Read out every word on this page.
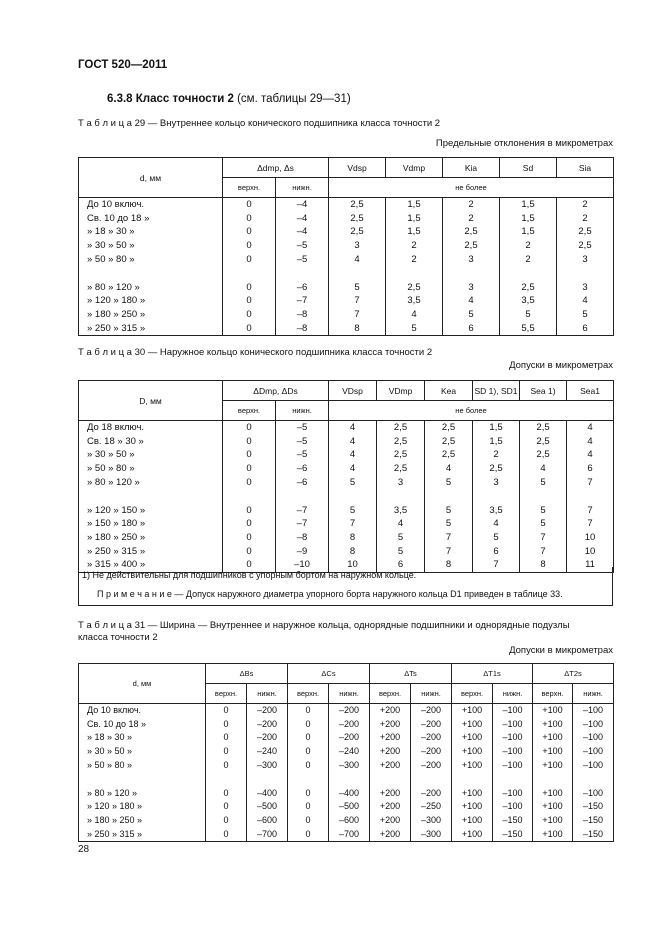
ГОСТ 520—2011
6.3.8 Класс точности 2 (см. таблицы 29—31)
Т а б л и ц а 29 — Внутреннее кольцо конического подшипника класса точности 2
Предельные отклонения в микрометрах
d, мм	Δdmp, Δs		Vdsp	Vdmp	Kia	Sd	Sia
	верхн.	нижн.	не более				
До 10 включ.	0	–4	2,5	1,5	2	1,5	2
Св. 10 до 18 »	0	–4	2,5	1,5	2	1,5	2
» 18 » 30 »	0	–4	2,5	1,5	2,5	1,5	2,5
» 30 » 50 »	0	–5	3	2	2,5	2	2,5
» 50 » 80 »	0	–5	4	2	3	2	3

» 80 » 120 »	0	–6	5	2,5	3	2,5	3
» 120 » 180 »	0	–7	7	3,5	4	3,5	4
» 180 » 250 »	0	–8	7	4	5	5	5
» 250 » 315 »	0	–8	8	5	6	5,5	6
Т а б л и ц а 30 — Наружное кольцо конического подшипника класса точности 2
Допуски в микрометрах
D, мм	ΔDmp, ΔDs		VDsp	VDmp	Kea	SD 1), SD1	Sea 1)	Sea1
	верхн.	нижн.	не более					
До 18 включ.	0	–5	4	2,5	2,5	1,5	2,5	4
Св. 18 » 30 »	0	–5	4	2,5	2,5	1,5	2,5	4
» 30 » 50 »	0	–5	4	2,5	2,5	2	2,5	4
» 50 » 80 »	0	–6	4	2,5	4	2,5	4	6
» 80 » 120 »	0	–6	5	3	5	3	5	7

» 120 » 150 »	0	–7	5	3,5	5	3,5	5	7
» 150 » 180 »	0	–7	7	4	5	4	5	7
» 180 » 250 »	0	–8	8	5	7	5	7	10
» 250 » 315 »	0	–9	8	5	7	6	7	10
» 315 » 400 »	0	–10	10	6	8	7	8	11
1) Не действительны для подшипников с упорным бортом на наружном кольце.
П р и м е ч а н и е — Допуск наружного диаметра упорного борта наружного кольца D1 приведен в таблице 33.
Т а б л и ц а 31 — Ширина — Внутреннее и наружное кольца, однорядные подшипники и однорядные подузлы
класса точности 2
Допуски в микрометрах
d, мм	ΔBs		ΔCs		ΔTs		ΔT1s		ΔT2s	
	верхн.	нижн.	верхн.	нижн.	верхн.	нижн.	верхн.	нижн.	верхн.	нижн.
До 10 включ.	0	–200	0	–200	+200	–200	+100	–100	+100	–100
Св. 10 до 18 »	0	–200	0	–200	+200	–200	+100	–100	+100	–100
» 18 » 30 »	0	–200	0	–200	+200	–200	+100	–100	+100	–100
» 30 » 50 »	0	–240	0	–240	+200	–200	+100	–100	+100	–100
» 50 » 80 »	0	–300	0	–300	+200	–200	+100	–100	+100	–100

» 80 » 120 »	0	–400	0	–400	+200	–200	+100	–100	+100	–100
» 120 » 180 »	0	–500	0	–500	+200	–250	+100	–100	+100	–150
» 180 » 250 »	0	–600	0	–600	+200	–300	+100	–150	+100	–150
» 250 » 315 »	0	–700	0	–700	+200	–300	+100	–150	+100	–150
28
